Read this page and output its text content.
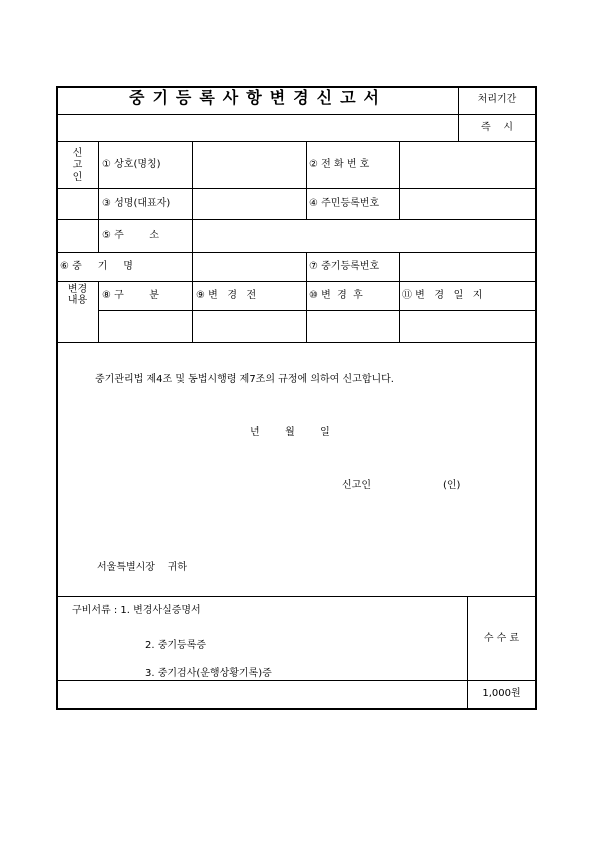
중기등록사항변경신고서	처리기간
즉    시
신
고
인
① 상호(명칭)	② 전 화 번 호
③ 성명(대표자)	④ 주민등록번호
⑤ 주        소
⑥ 중     기     명	⑦ 중기등록번호
변경
내용	⑧ 구        분	⑨ 변   경   전	⑩ 변  경  후	⑪ 변   경   일   지
중기관리법 제4조 및 동법시행령 제7조의 규정에 의하여 신고합니다.
년        월        일
신고인	(인)
서울특별시장    귀하
구비서류 : 1. 변경사실증명서
2. 중기등록증
3. 중기검사(운행상황기록)증
수 수 료
1,000원
